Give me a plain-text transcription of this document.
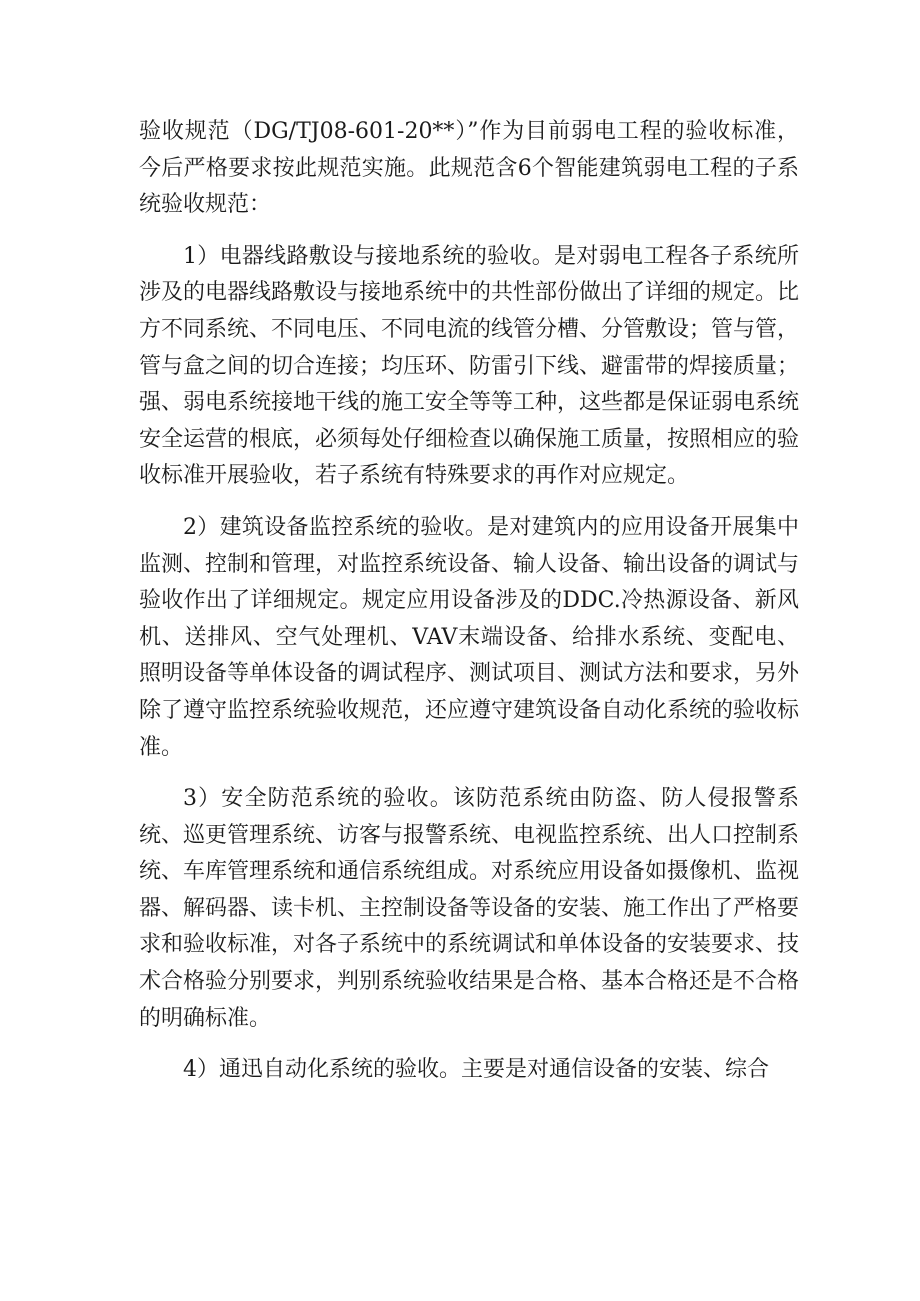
验收规范（DG/TJ08-601-20**）”作为目前弱电工程的验收标准，今后严格要求按此规范实施。此规范含6个智能建筑弱电工程的子系统验收规范：

1）电器线路敷设与接地系统的验收。是对弱电工程各子系统所涉及的电器线路敷设与接地系统中的共性部份做出了详细的规定。比方不同系统、不同电压、不同电流的线管分槽、分管敷设；管与管，管与盒之间的切合连接；均压环、防雷引下线、避雷带的焊接质量；强、弱电系统接地干线的施工安全等等工种，这些都是保证弱电系统安全运营的根底，必须每处仔细检查以确保施工质量，按照相应的验收标准开展验收，若子系统有特殊要求的再作对应规定。

2）建筑设备监控系统的验收。是对建筑内的应用设备开展集中监测、控制和管理，对监控系统设备、输人设备、输出设备的调试与验收作出了详细规定。规定应用设备涉及的DDC.冷热源设备、新风机、送排风、空气处理机、VAV末端设备、给排水系统、变配电、照明设备等单体设备的调试程序、测试项目、测试方法和要求，另外除了遵守监控系统验收规范，还应遵守建筑设备自动化系统的验收标准。

3）安全防范系统的验收。该防范系统由防盗、防人侵报警系统、巡更管理系统、访客与报警系统、电视监控系统、出人口控制系统、车库管理系统和通信系统组成。对系统应用设备如摄像机、监视器、解码器、读卡机、主控制设备等设备的安装、施工作出了严格要求和验收标准，对各子系统中的系统调试和单体设备的安装要求、技术合格验分别要求，判别系统验收结果是合格、基本合格还是不合格的明确标准。

4）通迅自动化系统的验收。主要是对通信设备的安装、综合
